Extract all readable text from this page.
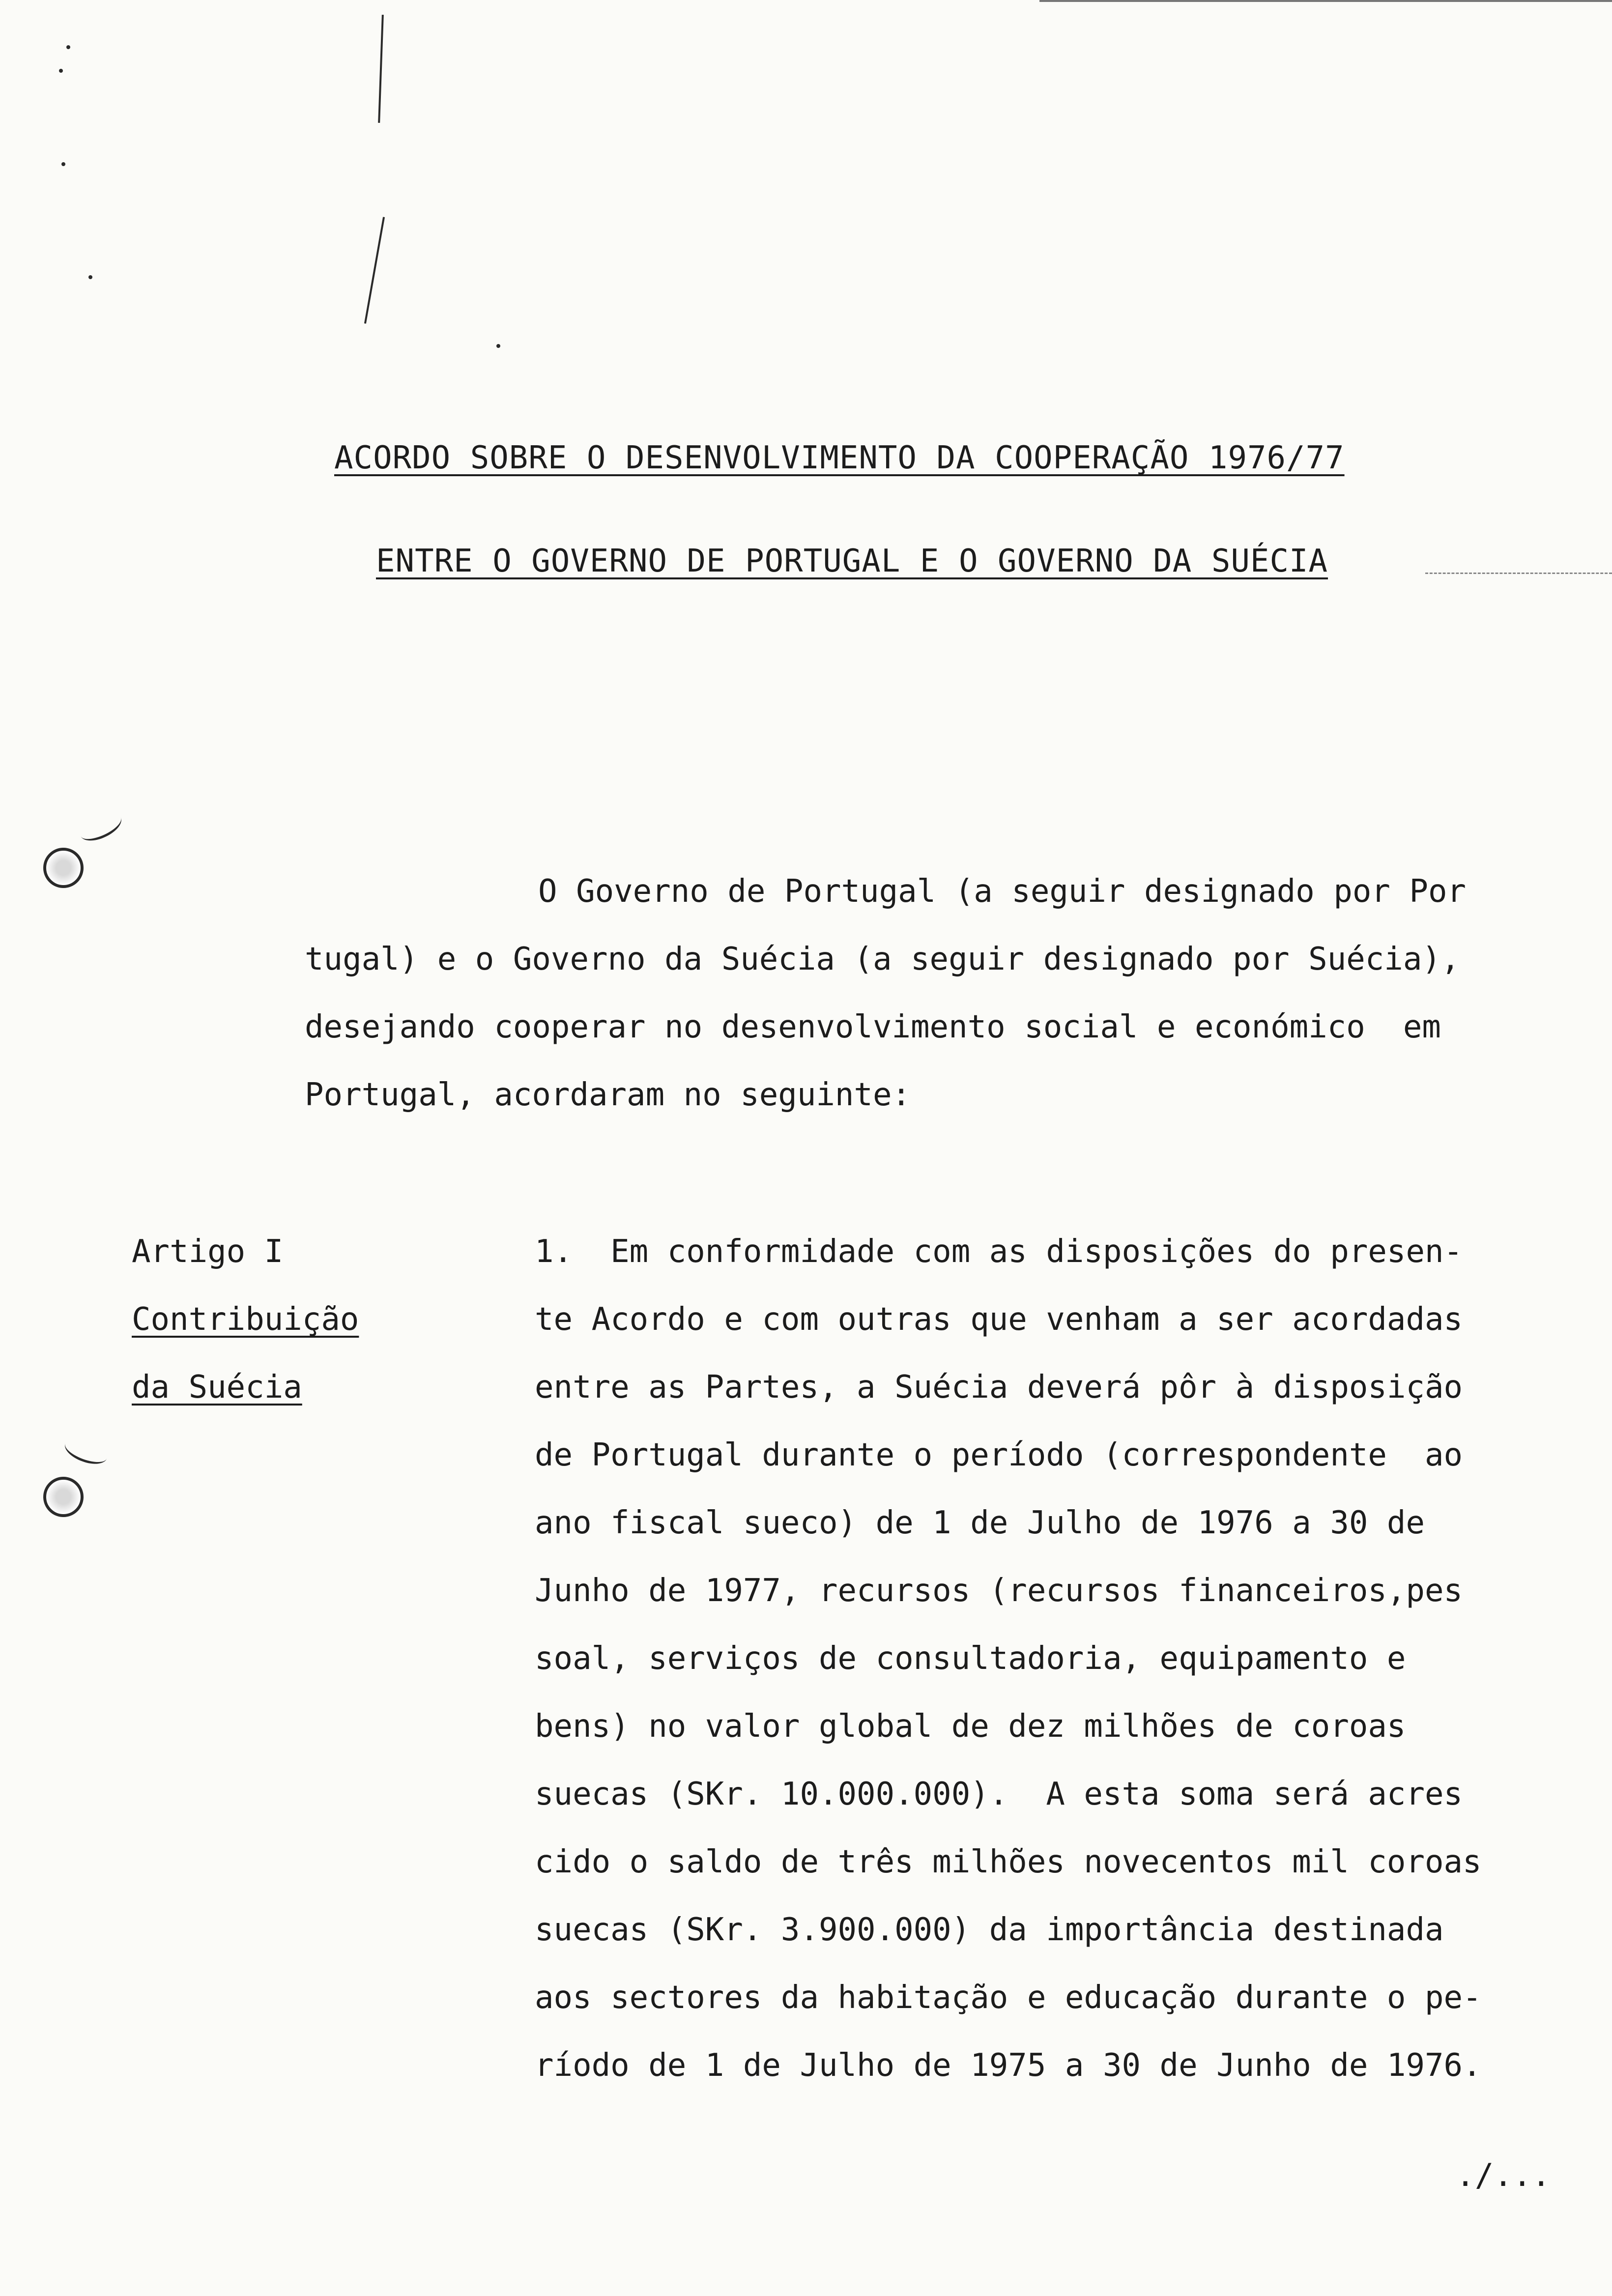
ACORDO SOBRE O DESENVOLVIMENTO DA COOPERAÇÃO 1976/77
ENTRE O GOVERNO DE PORTUGAL E O GOVERNO DA SUÉCIA
O Governo de Portugal (a seguir designado por Por
tugal) e o Governo da Suécia (a seguir designado por Suécia),
desejando cooperar no desenvolvimento social e económico  em
Portugal, acordaram no seguinte:
Artigo I
Contribuição
da Suécia
1.  Em conformidade com as disposições do presen-
te Acordo e com outras que venham a ser acordadas
entre as Partes, a Suécia deverá pôr à disposição
de Portugal durante o período (correspondente  ao
ano fiscal sueco) de 1 de Julho de 1976 a 30 de
Junho de 1977, recursos (recursos financeiros,pes
soal, serviços de consultadoria, equipamento e
bens) no valor global de dez milhões de coroas
suecas (SKr. 10.000.000).  A esta soma será acres
cido o saldo de três milhões novecentos mil coroas
suecas (SKr. 3.900.000) da importância destinada
aos sectores da habitação e educação durante o pe-
ríodo de 1 de Julho de 1975 a 30 de Junho de 1976.
./...
